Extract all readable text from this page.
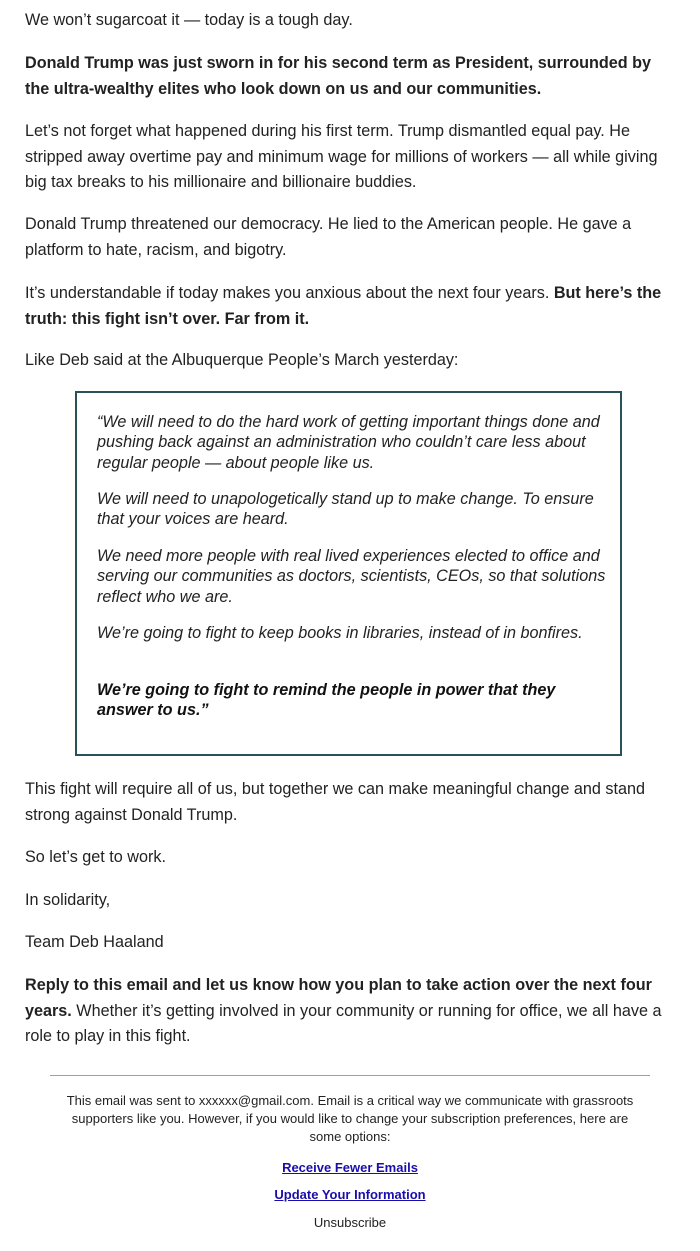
We won’t sugarcoat it — today is a tough day.

Donald Trump was just sworn in for his second term as President, surrounded by the ultra-wealthy elites who look down on us and our communities.

Let’s not forget what happened during his first term. Trump dismantled equal pay. He stripped away overtime pay and minimum wage for millions of workers — all while giving big tax breaks to his millionaire and billionaire buddies.

Donald Trump threatened our democracy. He lied to the American people. He gave a platform to hate, racism, and bigotry.

It’s understandable if today makes you anxious about the next four years. But here’s the truth: this fight isn’t over. Far from it.

Like Deb said at the Albuquerque People’s March yesterday:

“We will need to do the hard work of getting important things done and pushing back against an administration who couldn’t care less about regular people — about people like us.

We will need to unapologetically stand up to make change. To ensure that your voices are heard.

We need more people with real lived experiences elected to office and serving our communities as doctors, scientists, CEOs, so that solutions reflect who we are.

We’re going to fight to keep books in libraries, instead of in bonfires.

We’re going to fight to remind the people in power that they answer to us.”

This fight will require all of us, but together we can make meaningful change and stand strong against Donald Trump.

So let’s get to work.

In solidarity,

Team Deb Haaland

Reply to this email and let us know how you plan to take action over the next four years. Whether it’s getting involved in your community or running for office, we all have a role to play in this fight.

This email was sent to xxxxxx@gmail.com. Email is a critical way we communicate with grassroots supporters like you. However, if you would like to change your subscription preferences, here are some options:

Receive Fewer Emails
Update Your Information
Unsubscribe
